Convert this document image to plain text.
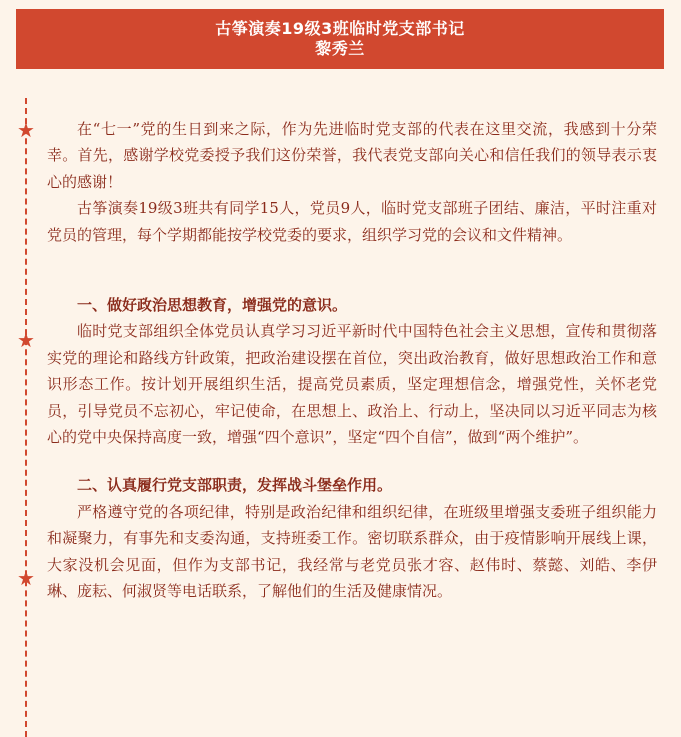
古筝演奏19级3班临时党支部书记
黎秀兰
★
★
★

在“七一”党的生日到来之际，作为先进临时党支部的代表在这里交流，我感到十分荣幸。首先，感谢学校党委授予我们这份荣誉，我代表党支部向关心和信任我们的领导表示衷心的感谢！

古筝演奏19级3班共有同学15人，党员9人，临时党支部班子团结、廉洁，平时注重对党员的管理，每个学期都能按学校党委的要求，组织学习党的会议和文件精神。

一、做好政治思想教育，增强党的意识。

临时党支部组织全体党员认真学习习近平新时代中国特色社会主义思想，宣传和贯彻落实党的理论和路线方针政策，把政治建设摆在首位，突出政治教育，做好思想政治工作和意识形态工作。按计划开展组织生活，提高党员素质，坚定理想信念，增强党性，关怀老党员，引导党员不忘初心，牢记使命，在思想上、政治上、行动上，坚决同以习近平同志为核心的党中央保持高度一致，增强“四个意识”，坚定“四个自信”，做到“两个维护”。

二、认真履行党支部职责，发挥战斗堡垒作用。

严格遵守党的各项纪律，特别是政治纪律和组织纪律，在班级里增强支委班子组织能力和凝聚力，有事先和支委沟通，支持班委工作。密切联系群众，由于疫情影响开展线上课，大家没机会见面，但作为支部书记，我经常与老党员张才容、赵伟时、蔡懿、刘皓、李伊琳、庞耘、何淑贤等电话联系，了解他们的生活及健康情况。
